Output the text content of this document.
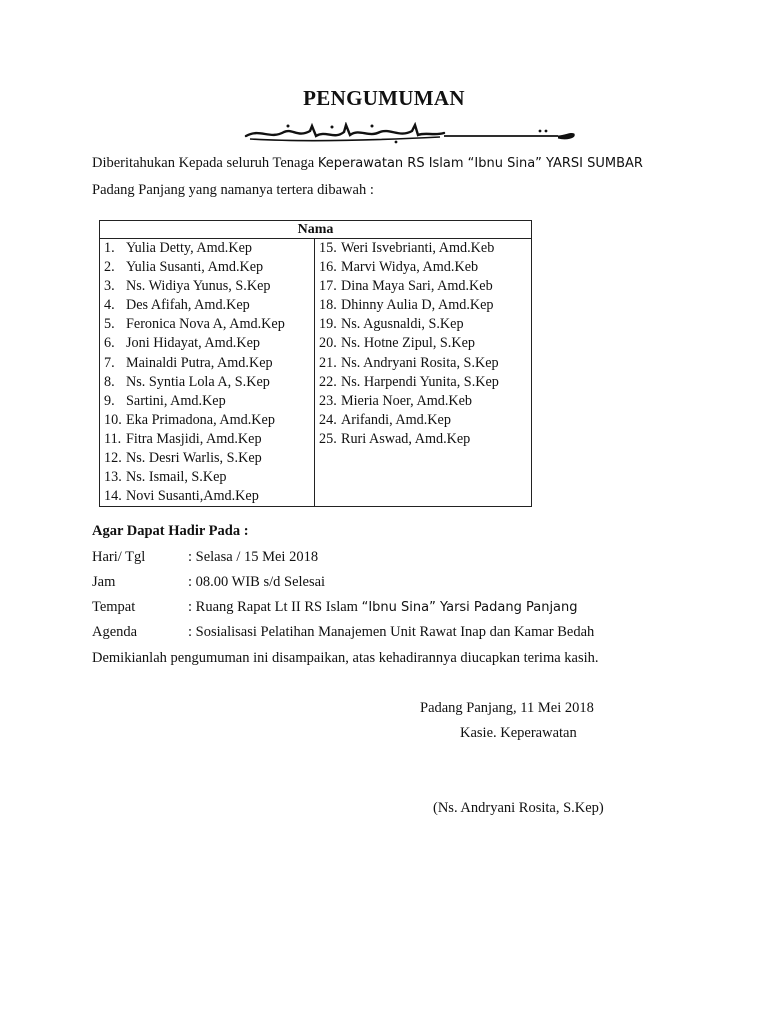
PENGUMUMAN
Diberitahukan Kepada seluruh Tenaga Keperawatan RS Islam “Ibnu Sina” YARSI SUMBAR
Padang Panjang yang namanya tertera dibawah :
Nama

1. Yulia Detty, Amd.Kep
2. Yulia Susanti, Amd.Kep
3. Ns. Widiya Yunus, S.Kep
4. Des Afifah, Amd.Kep
5. Feronica Nova A, Amd.Kep
6. Joni Hidayat, Amd.Kep
7. Mainaldi Putra, Amd.Kep
8. Ns. Syntia Lola A, S.Kep
9. Sartini, Amd.Kep
10. Eka Primadona, Amd.Kep
11. Fitra Masjidi, Amd.Kep
12. Ns. Desri Warlis, S.Kep
13. Ns. Ismail, S.Kep
14. Novi Susanti,Amd.Kep

15. Weri Isvebrianti, Amd.Keb
16. Marvi Widya, Amd.Keb
17. Dina Maya Sari, Amd.Keb
18. Dhinny Aulia D, Amd.Kep
19. Ns. Agusnaldi, S.Kep
20. Ns. Hotne Zipul, S.Kep
21. Ns. Andryani Rosita, S.Kep
22. Ns. Harpendi Yunita, S.Kep
23. Mieria Noer, Amd.Keb
24. Arifandi, Amd.Kep
25. Ruri Aswad, Amd.Kep
Agar Dapat Hadir Pada :
Hari/ Tgl	: Selasa / 15 Mei 2018
Jam	: 08.00 WIB s/d Selesai
Tempat	: Ruang Rapat Lt II RS Islam “Ibnu Sina” Yarsi Padang Panjang
Agenda	: Sosialisasi Pelatihan Manajemen Unit Rawat Inap dan Kamar Bedah
Demikianlah pengumuman ini disampaikan, atas kehadirannya diucapkan terima kasih.
Padang Panjang, 11 Mei 2018
Kasie. Keperawatan
(Ns. Andryani Rosita, S.Kep)
